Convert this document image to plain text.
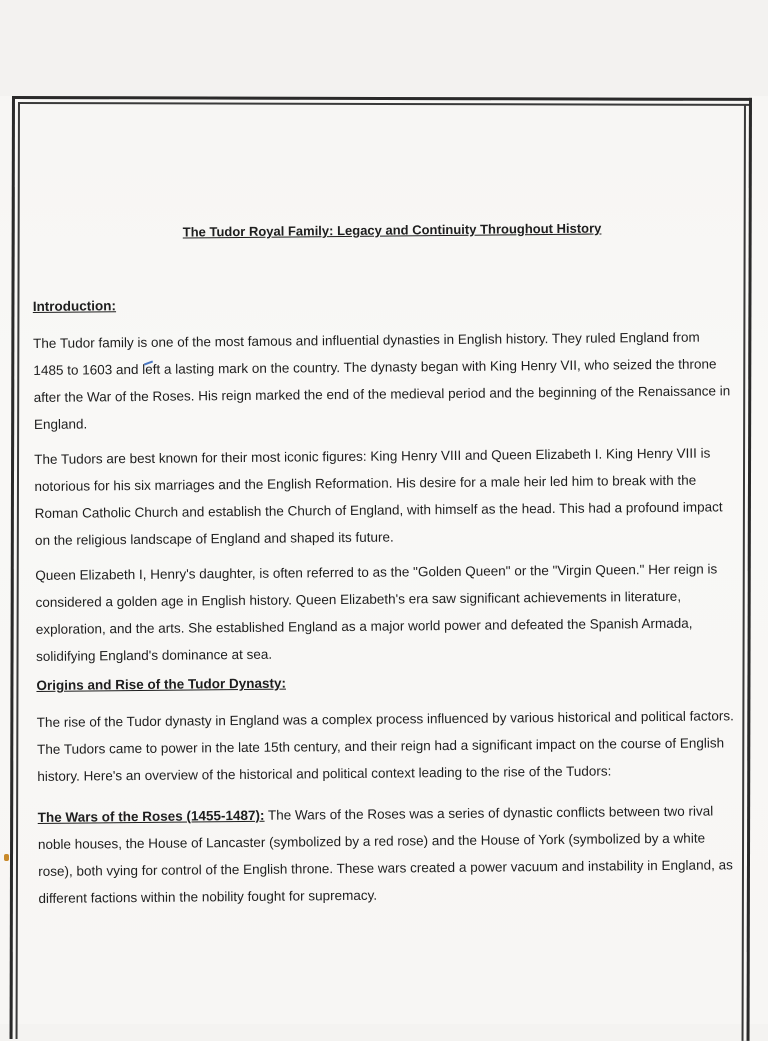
The Tudor Royal Family: Legacy and Continuity Throughout History

Introduction:

The Tudor family is one of the most famous and influential dynasties in English history. They ruled England from 1485 to 1603 and left a lasting mark on the country. The dynasty began with King Henry VII, who seized the throne after the War of the Roses. His reign marked the end of the medieval period and the beginning of the Renaissance in England.

The Tudors are best known for their most iconic figures: King Henry VIII and Queen Elizabeth I. King Henry VIII is notorious for his six marriages and the English Reformation. His desire for a male heir led him to break with the Roman Catholic Church and establish the Church of England, with himself as the head. This had a profound impact on the religious landscape of England and shaped its future.

Queen Elizabeth I, Henry's daughter, is often referred to as the "Golden Queen" or the "Virgin Queen." Her reign is considered a golden age in English history. Queen Elizabeth's era saw significant achievements in literature, exploration, and the arts. She established England as a major world power and defeated the Spanish Armada, solidifying England's dominance at sea.

Origins and Rise of the Tudor Dynasty:

The rise of the Tudor dynasty in England was a complex process influenced by various historical and political factors. The Tudors came to power in the late 15th century, and their reign had a significant impact on the course of English history. Here's an overview of the historical and political context leading to the rise of the Tudors:

The Wars of the Roses (1455-1487): The Wars of the Roses was a series of dynastic conflicts between two rival noble houses, the House of Lancaster (symbolized by a red rose) and the House of York (symbolized by a white rose), both vying for control of the English throne. These wars created a power vacuum and instability in England, as different factions within the nobility fought for supremacy.
